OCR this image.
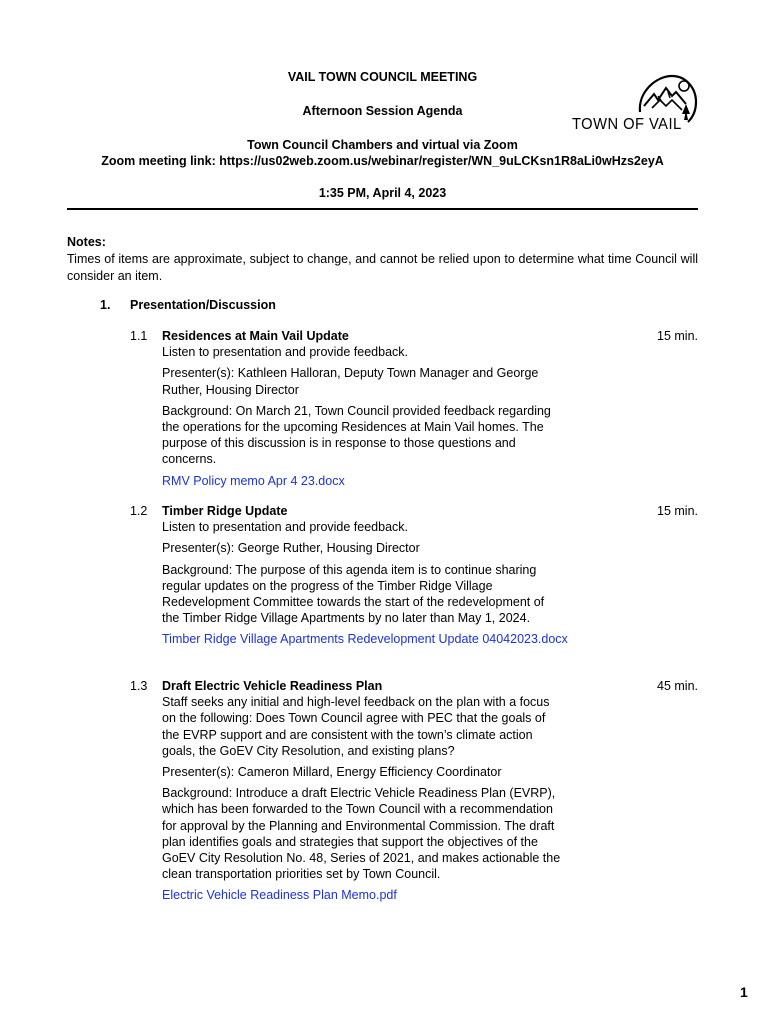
VAIL TOWN COUNCIL MEETING
Afternoon Session Agenda
Town Council Chambers and virtual via Zoom
Zoom meeting link: https://us02web.zoom.us/webinar/register/WN_9uLCKsn1R8aLi0wHzs2eyA
1:35 PM, April 4, 2023
TOWN OF VAIL
Notes:
Times of items are approximate, subject to change, and cannot be relied upon to determine what time Council will consider an item.
1. Presentation/Discussion
1.1 Residences at Main Vail Update

Listen to presentation and provide feedback.

Presenter(s): Kathleen Halloran, Deputy Town Manager and George Ruther, Housing Director

Background: On March 21, Town Council provided feedback regarding the operations for the upcoming Residences at Main Vail homes. The purpose of this discussion is in response to those questions and concerns.

RMV Policy memo Apr 4 23.docx

15 min.
1.2 Timber Ridge Update

Listen to presentation and provide feedback.

Presenter(s): George Ruther, Housing Director

Background: The purpose of this agenda item is to continue sharing regular updates on the progress of the Timber Ridge Village Redevelopment Committee towards the start of the redevelopment of the Timber Ridge Village Apartments by no later than May 1, 2024.

Timber Ridge Village Apartments Redevelopment Update 04042023.docx

15 min.
1.3 Draft Electric Vehicle Readiness Plan

Staff seeks any initial and high-level feedback on the plan with a focus on the following: Does Town Council agree with PEC that the goals of the EVRP support and are consistent with the town’s climate action goals, the GoEV City Resolution, and existing plans?

Presenter(s): Cameron Millard, Energy Efficiency Coordinator

Background: Introduce a draft Electric Vehicle Readiness Plan (EVRP), which has been forwarded to the Town Council with a recommendation for approval by the Planning and Environmental Commission. The draft plan identifies goals and strategies that support the objectives of the GoEV City Resolution No. 48, Series of 2021, and makes actionable the clean transportation priorities set by Town Council.

Electric Vehicle Readiness Plan Memo.pdf

45 min.
1
